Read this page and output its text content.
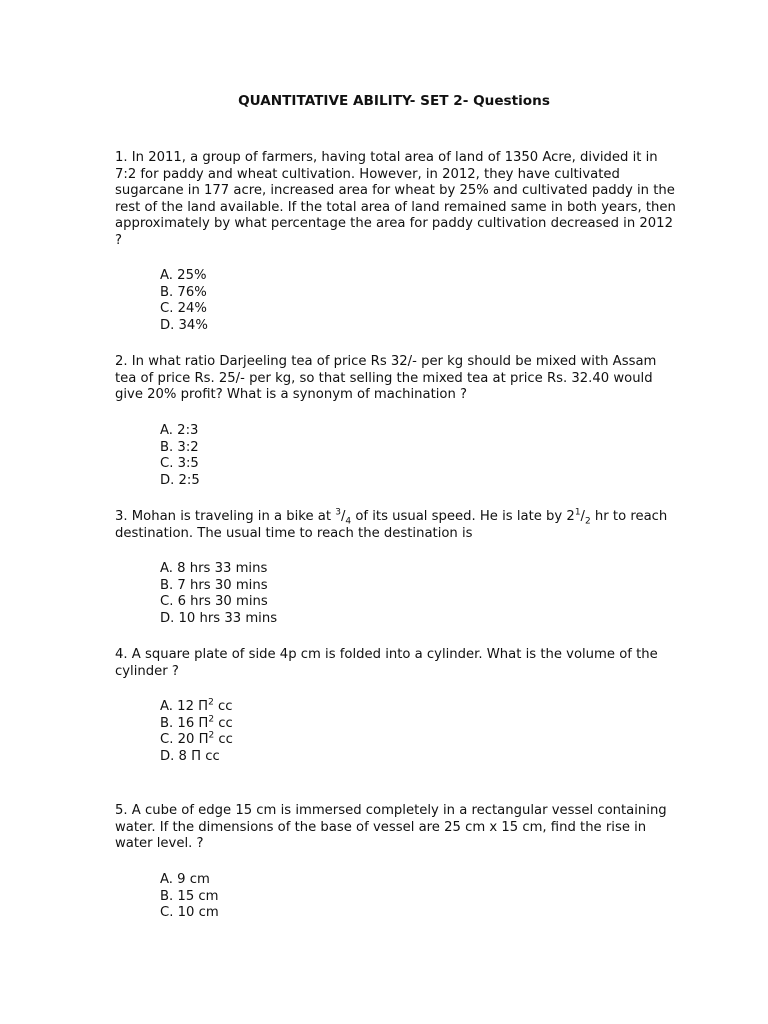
QUANTITATIVE ABILITY- SET 2- Questions

1. In 2011, a group of farmers, having total area of land of 1350 Acre, divided it in 7:2 for paddy and wheat cultivation. However, in 2012, they have cultivated sugarcane in 177 acre, increased area for wheat by 25% and cultivated paddy in the rest of the land available. If the total area of land remained same in both years, then approximately by what percentage the area for paddy cultivation decreased in 2012 ?

A. 25%
B. 76%
C. 24%
D. 34%

2. In what ratio Darjeeling tea of price Rs 32/- per kg should be mixed with Assam tea of price Rs. 25/- per kg, so that selling the mixed tea at price Rs. 32.40 would give 20% profit? What is a synonym of machination ?

A. 2:3
B. 3:2
C. 3:5
D. 2:5

3. Mohan is traveling in a bike at $^3/_4$ of its usual speed. He is late by $2^1/_2$ hr to reach destination. The usual time to reach the destination is

A. 8 hrs 33 mins
B. 7 hrs 30 mins
C. 6 hrs 30 mins
D. 10 hrs 33 mins

4. A square plate of side 4p cm is folded into a cylinder. What is the volume of the cylinder ?

A. 12 $\Pi^2$ cc
B. 16 $\Pi^2$ cc
C. 20 $\Pi^2$ cc
D. 8 Π cc

5. A cube of edge 15 cm is immersed completely in a rectangular vessel containing water. If the dimensions of the base of vessel are 25 cm x 15 cm, find the rise in water level. ?

A. 9 cm
B. 15 cm
C. 10 cm
